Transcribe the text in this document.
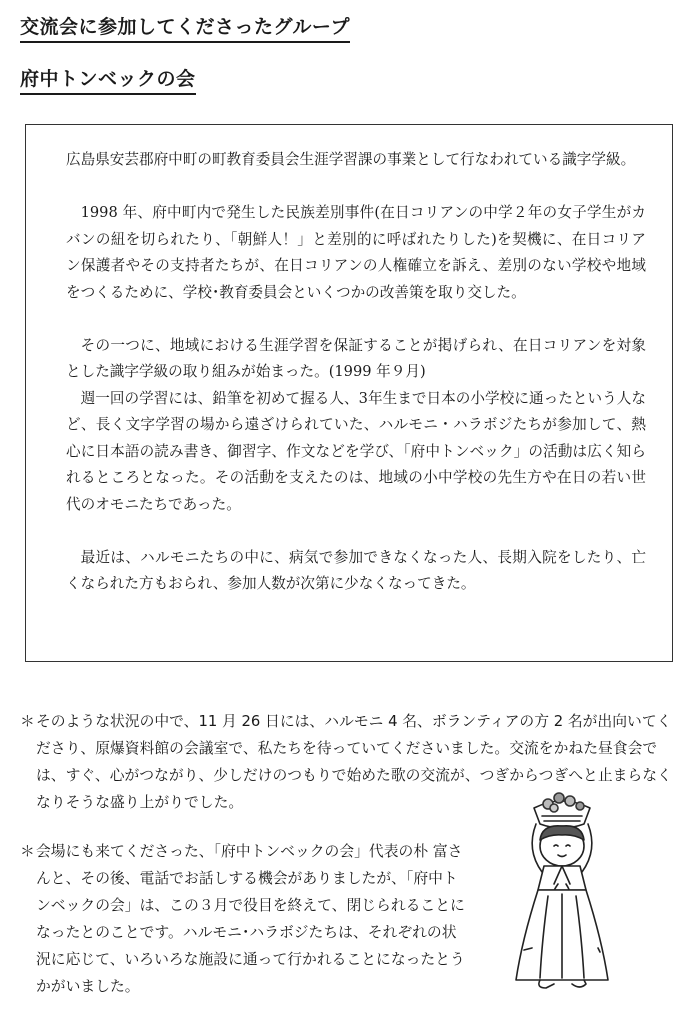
交流会に参加してくださったグループ
府中トンベックの会

広島県安芸郡府中町の町教育委員会生涯学習課の事業として行なわれている識字学級。

1998 年、府中町内で発生した民族差別事件(在日コリアンの中学２年の女子学生がカバンの紐を切られたり、「朝鮮人！」と差別的に呼ばれたりした)を契機に、在日コリアン保護者やその支持者たちが、在日コリアンの人権確立を訴え、差別のない学校や地域をつくるために、学校･教育委員会といくつかの改善策を取り交した。

その一つに、地域における生涯学習を保証することが掲げられ、在日コリアンを対象とした識字学級の取り組みが始まった。(1999 年９月)

週一回の学習には、鉛筆を初めて握る人、3年生まで日本の小学校に通ったという人など、長く文字学習の場から遠ざけられていた、ハルモニ・ハラボジたちが参加して、熱心に日本語の読み書き、御習字、作文などを学び、「府中トンベック」の活動は広く知られるところとなった。その活動を支えたのは、地域の小中学校の先生方や在日の若い世代のオモニたちであった。

最近は、ハルモニたちの中に、病気で参加できなくなった人、長期入院をしたり、亡くなられた方もおられ、参加人数が次第に少なくなってきた。

＊ そのような状況の中で、11 月 26 日には、ハルモニ 4 名、ボランティアの方 2 名が出向いてくださり、原爆資料館の会議室で、私たちを待っていてくださいました。交流をかねた昼食会では、すぐ、心がつながり、少しだけのつもりで始めた歌の交流が、つぎからつぎへと止まらなくなりそうな盛り上がりでした。

＊ 会場にも来てくださった、「府中トンベックの会」代表の朴 富さんと、その後、電話でお話しする機会がありましたが、「府中トンベックの会」は、この３月で役目を終えて、閉じられることになったとのことです。ハルモニ･ハラボジたちは、それぞれの状況に応じて、いろいろな施設に通って行かれることになったとうかがいました。
